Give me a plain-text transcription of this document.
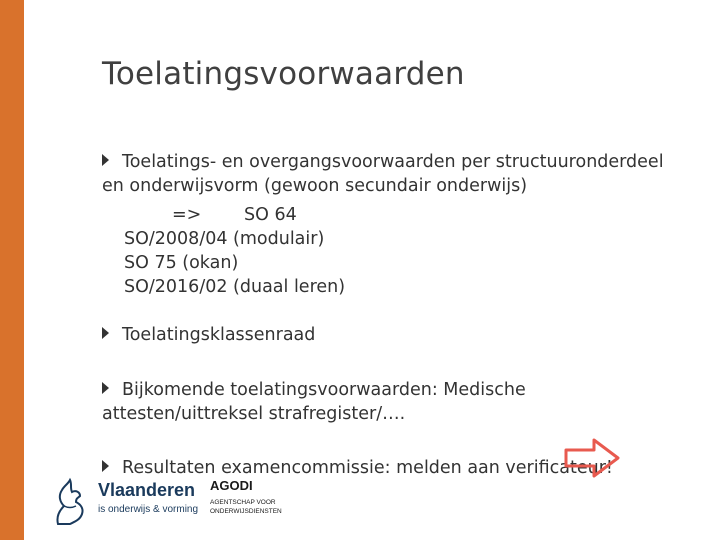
Toelatingsvoorwaarden
Toelatings- en overgangsvoorwaarden per structuuronderdeel
en onderwijsvorm (gewoon secundair onderwijs)
=> SO 64
SO/2008/04 (modulair)
SO 75 (okan)
SO/2016/02 (duaal leren)
Toelatingsklassenraad
Bijkomende toelatingsvoorwaarden: Medische
attesten/uittreksel strafregister/….
Resultaten examencommissie: melden aan verificateur!
Vlaanderen
is onderwijs & vorming
AGODI
AGENTSCHAP VOOR
ONDERWIJSDIENSTEN
